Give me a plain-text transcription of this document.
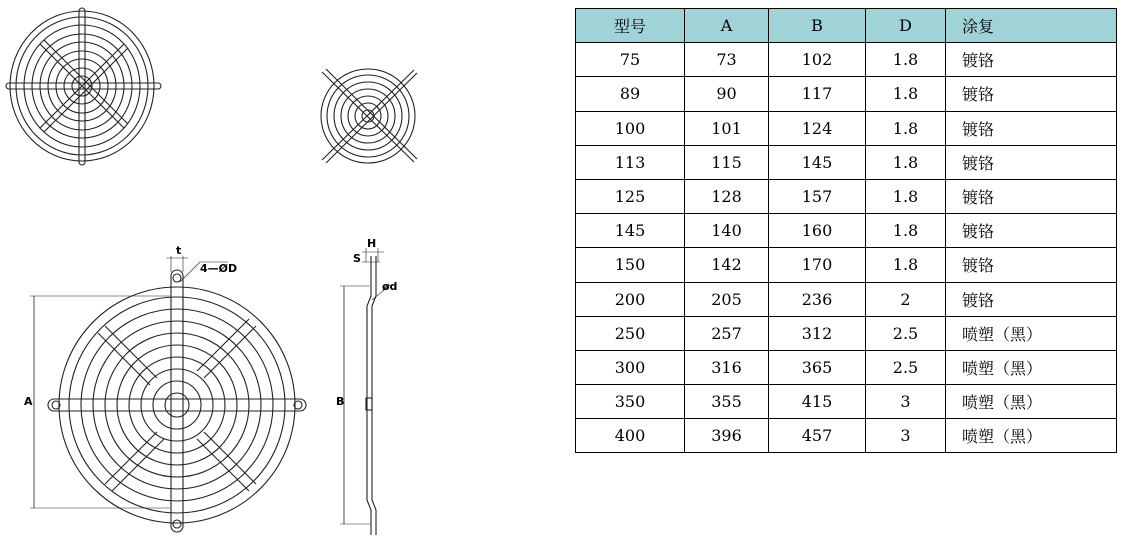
t
4—ØD
A
H
S
ød
B
型号	A	B	D	涂复
75	73	102	1.8	镀铬
89	90	117	1.8	镀铬
100	101	124	1.8	镀铬
113	115	145	1.8	镀铬
125	128	157	1.8	镀铬
145	140	160	1.8	镀铬
150	142	170	1.8	镀铬
200	205	236	2	镀铬
250	257	312	2.5	喷塑（黑）
300	316	365	2.5	喷塑（黑）
350	355	415	3	喷塑（黑）
400	396	457	3	喷塑（黑）
